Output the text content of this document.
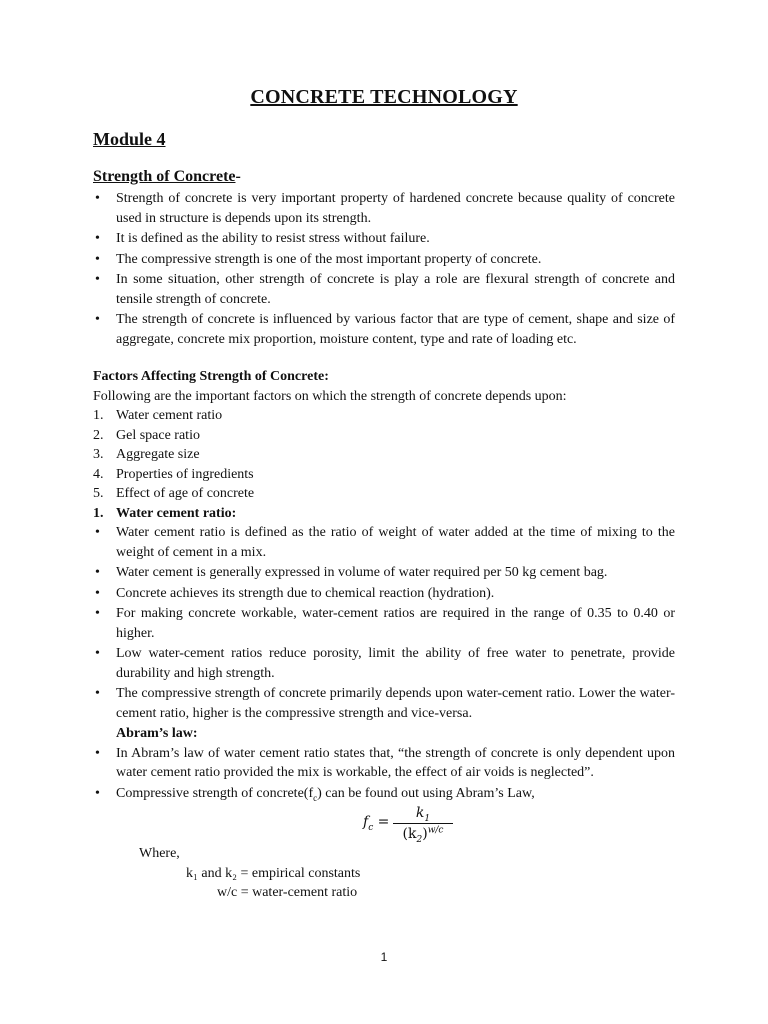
CONCRETE TECHNOLOGY
Module 4
Strength of Concrete-
• Strength of concrete is very important property of hardened concrete because quality of concrete used in structure is depends upon its strength.
• It is defined as the ability to resist stress without failure.
• The compressive strength is one of the most important property of concrete.
• In some situation, other strength of concrete is play a role are flexural strength of concrete and tensile strength of concrete.
• The strength of concrete is influenced by various factor that are type of cement, shape and size of aggregate, concrete mix proportion, moisture content, type and rate of loading etc.
Factors Affecting Strength of Concrete:
Following are the important factors on which the strength of concrete depends upon:
1. Water cement ratio
2. Gel space ratio
3. Aggregate size
4. Properties of ingredients
5. Effect of age of concrete
1. Water cement ratio:
• Water cement ratio is defined as the ratio of weight of water added at the time of mixing to the weight of cement in a mix.
• Water cement is generally expressed in volume of water required per 50 kg cement bag.
• Concrete achieves its strength due to chemical reaction (hydration).
• For making concrete workable, water-cement ratios are required in the range of 0.35 to 0.40 or higher.
• Low water-cement ratios reduce porosity, limit the ability of free water to penetrate, provide durability and high strength.
• The compressive strength of concrete primarily depends upon water-cement ratio. Lower the water-cement ratio, higher is the compressive strength and vice-versa.
Abram’s law:
• In Abram’s law of water cement ratio states that, “the strength of concrete is only dependent upon water cement ratio provided the mix is workable, the effect of air voids is neglected”.
• Compressive strength of $concrete(f_c)$ can be found out using Abram’s Law,
$f_c$ =
$k_1$
$(k_2)^{w/c}$
Where,
k₁ and k₂ = empirical constants
w/c = water-cement ratio
1
